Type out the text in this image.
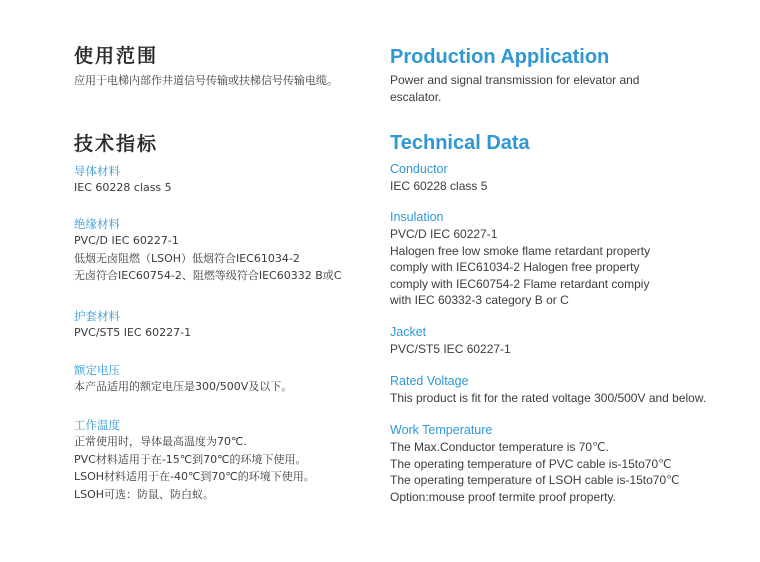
使用范围

应用于电梯内部作井道信号传输或扶梯信号传输电缆。

技术指标
导体材料
IEC 60228 class 5
绝缘材料
PVC/D IEC 60227-1
低烟无卤阻燃（LSOH）低烟符合IEC61034-2
无卤符合IEC60754-2、阻燃等级符合IEC60332 B或C
护套材料
PVC/ST5 IEC 60227-1
额定电压
本产品适用的额定电压是300/500V及以下。
工作温度
正常使用时，导体最高温度为70℃.
PVC材料适用于在-15℃到70℃的环境下使用。
LSOH材料适用于在-40℃到70℃的环境下使用。
LSOH可选：防鼠、防白蚁。
Production Application
Power and signal transmission for elevator and
escalator.
Technical Data
Conductor
IEC 60228 class 5
Insulation
PVC/D IEC 60227-1
Halogen free low smoke flame retardant property
comply with IEC61034-2 Halogen free property
comply with IEC60754-2 Flame retardant compiy
with IEC 60332-3 category B or C
Jacket
PVC/ST5 IEC 60227-1
Rated Voltage
This product is fit for the rated voltage 300/500V and below.
Work Temperature
The Max.Conductor temperature is 70℃.
The operating temperature of PVC cable is-15to70℃
The operating temperature of LSOH cable is-15to70℃
Option:mouse proof termite proof property.
